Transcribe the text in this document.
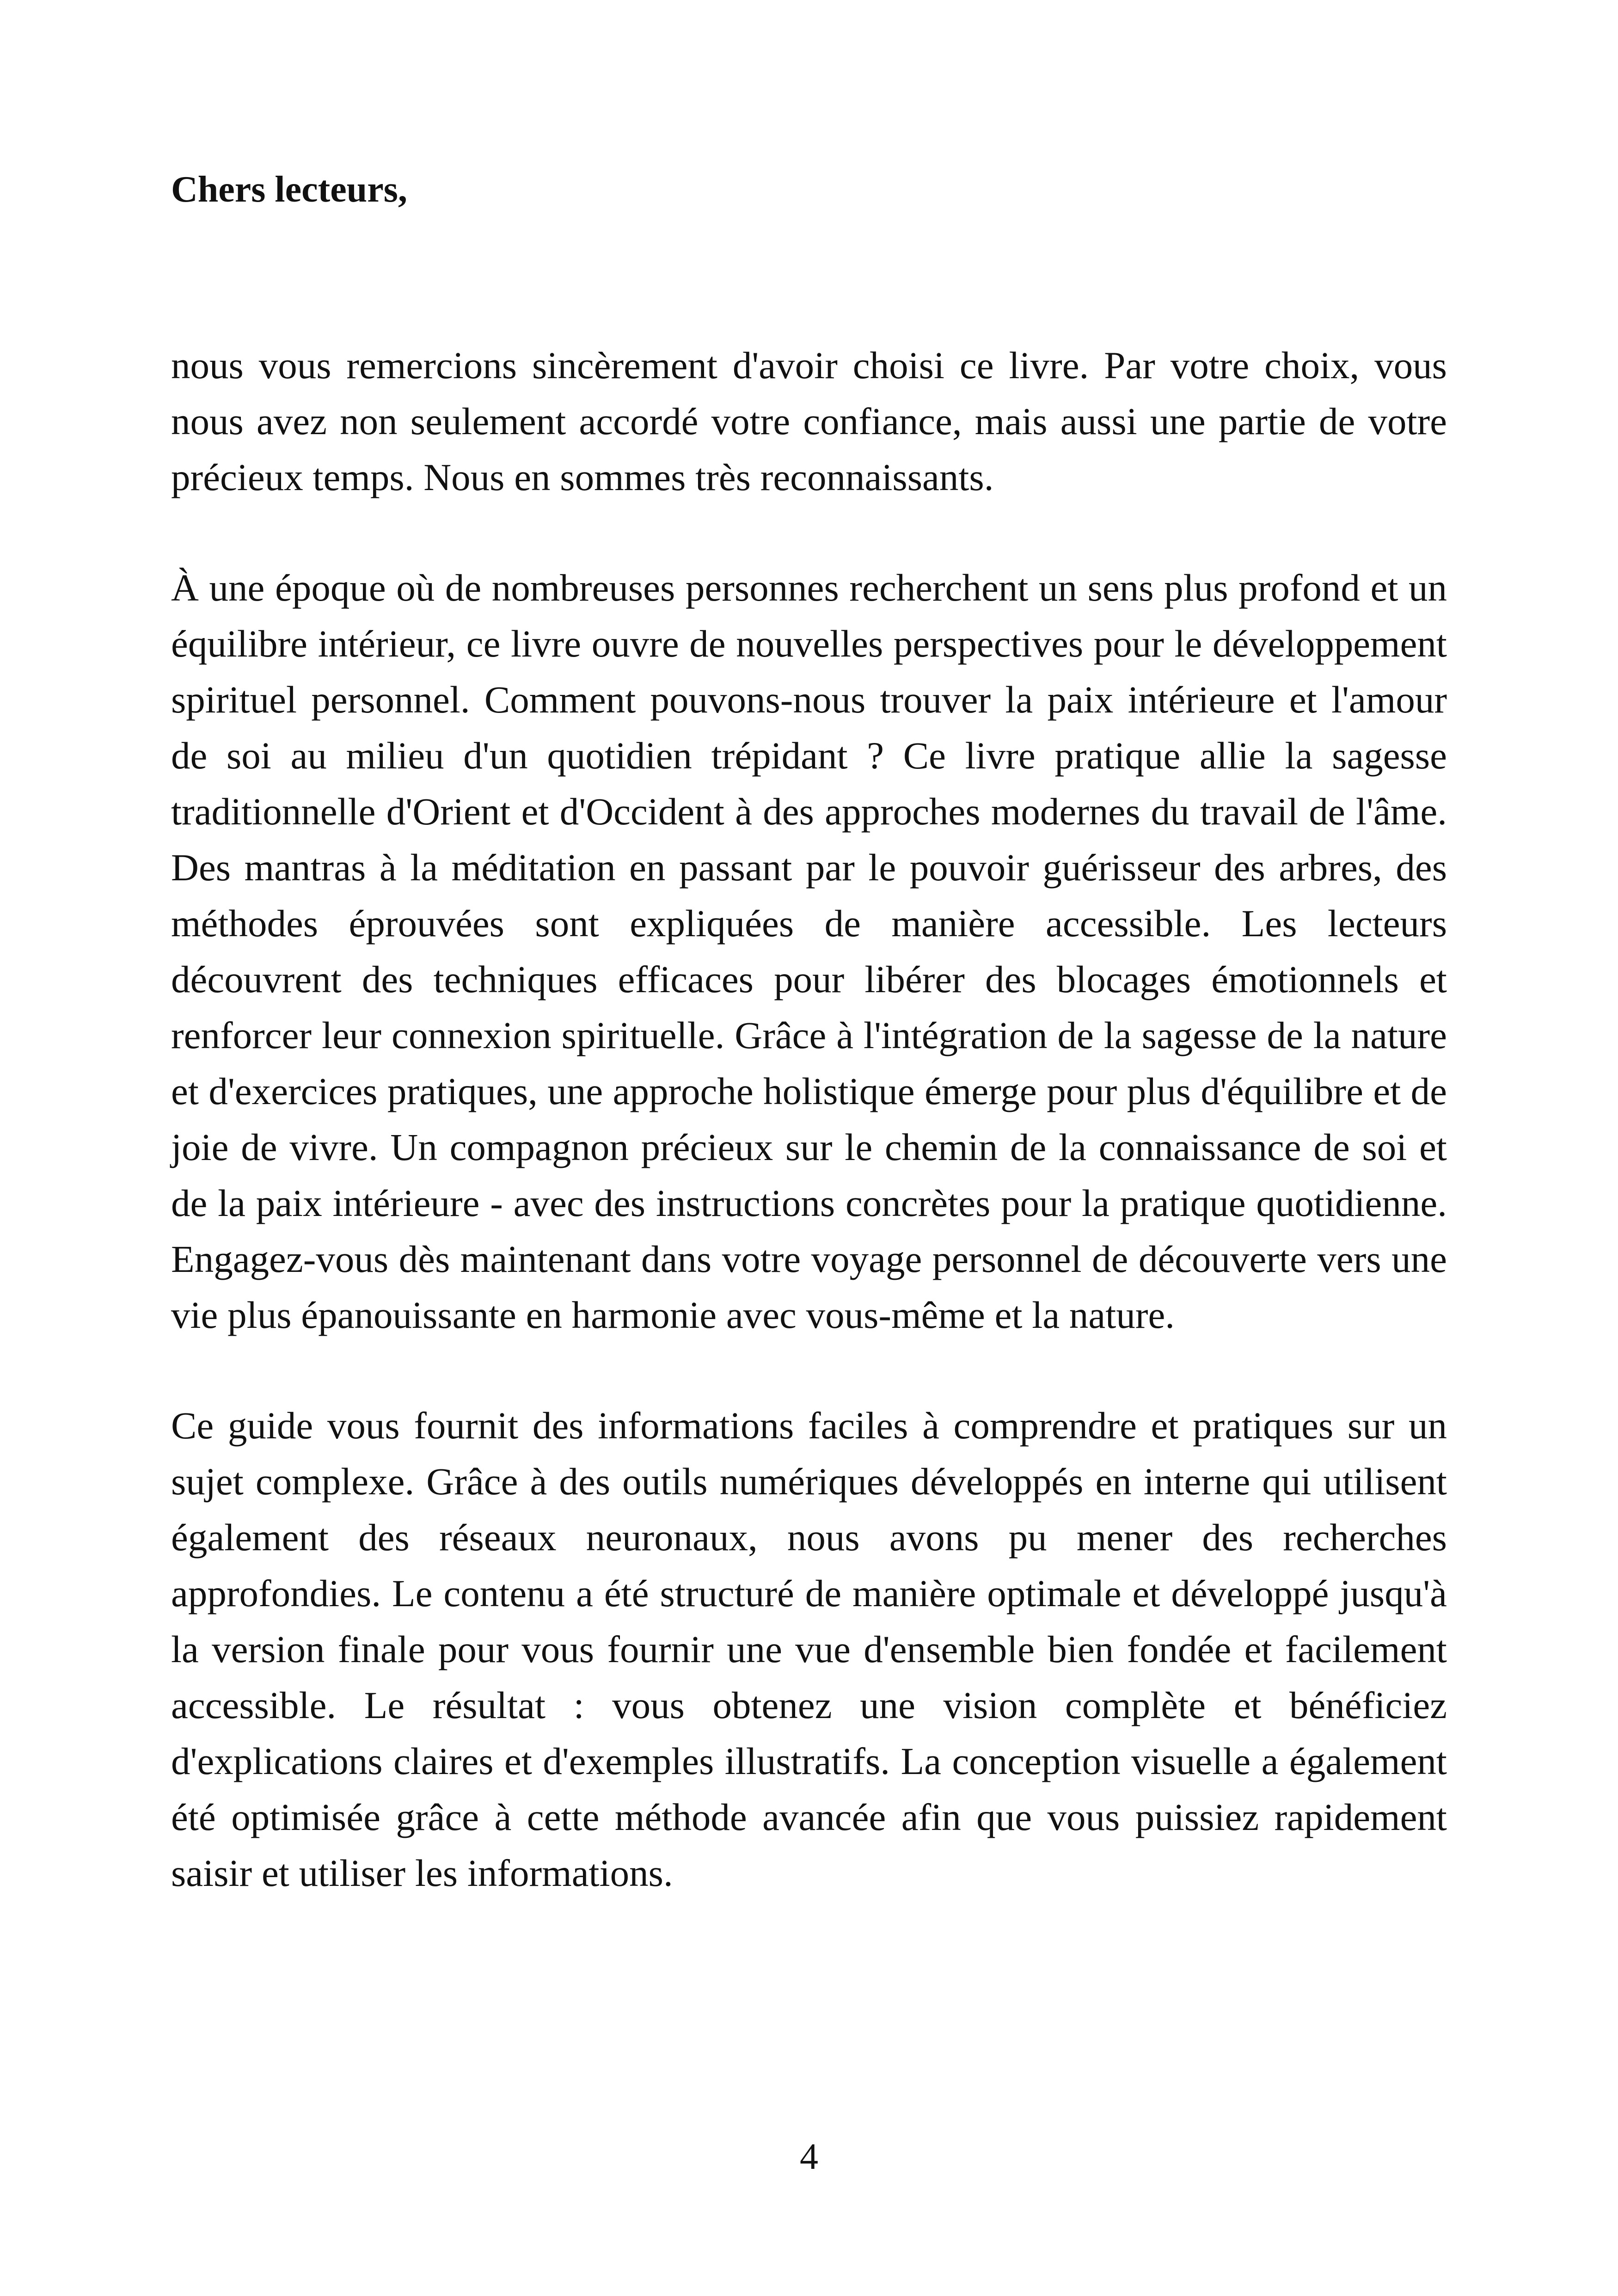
Chers lecteurs,

nous vous remercions sincèrement d'avoir choisi ce livre. Par votre choix, vous nous avez non seulement accordé votre confiance, mais aussi une partie de votre précieux temps. Nous en sommes très reconnaissants.

À une époque où de nombreuses personnes recherchent un sens plus profond et un équilibre intérieur, ce livre ouvre de nouvelles perspectives pour le développement spirituel personnel. Comment pouvons-nous trouver la paix intérieure et l'amour de soi au milieu d'un quotidien trépidant ? Ce livre pratique allie la sagesse traditionnelle d'Orient et d'Occident à des approches modernes du travail de l'âme. Des mantras à la méditation en passant par le pouvoir guérisseur des arbres, des méthodes éprouvées sont expliquées de manière accessible. Les lecteurs découvrent des techniques efficaces pour libérer des blocages émotionnels et renforcer leur connexion spirituelle. Grâce à l'intégration de la sagesse de la nature et d'exercices pratiques, une approche holistique émerge pour plus d'équilibre et de joie de vivre. Un compagnon précieux sur le chemin de la connaissance de soi et de la paix intérieure - avec des instructions concrètes pour la pratique quotidienne. Engagez-vous dès maintenant dans votre voyage personnel de découverte vers une vie plus épanouissante en harmonie avec vous-même et la nature.

Ce guide vous fournit des informations faciles à comprendre et pratiques sur un sujet complexe. Grâce à des outils numériques développés en interne qui utilisent également des réseaux neuronaux, nous avons pu mener des recherches approfondies. Le contenu a été structuré de manière optimale et développé jusqu'à la version finale pour vous fournir une vue d'ensemble bien fondée et facilement accessible. Le résultat : vous obtenez une vision complète et bénéficiez d'explications claires et d'exemples illustratifs. La conception visuelle a également été optimisée grâce à cette méthode avancée afin que vous puissiez rapidement saisir et utiliser les informations.

4
